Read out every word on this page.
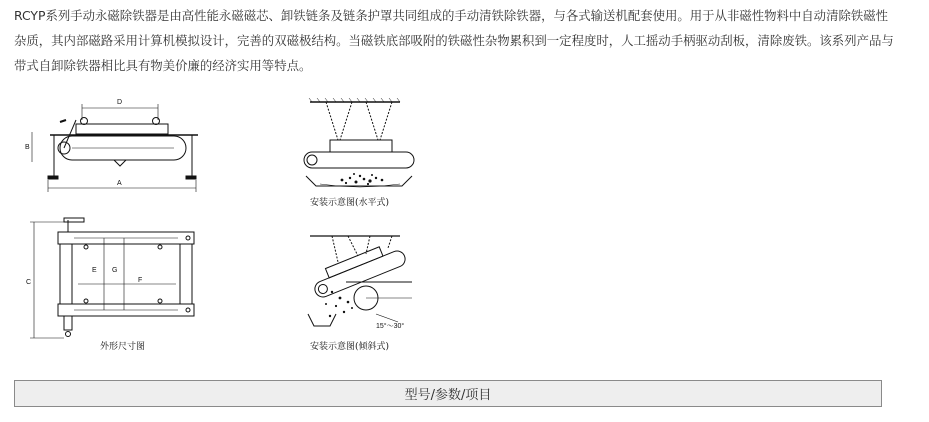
RCYP系列手动永磁除铁器是由高性能永磁磁芯、卸铁链条及链条护罩共同组成的手动清铁除铁器，与各式输送机配套使用。用于从非磁性物料中自动清除铁磁性杂质，其内部磁路采用计算机模拟设计，完善的双磁极结构。当磁铁底部吸附的铁磁性杂物累积到一定程度时，人工摇动手柄驱动刮板，清除废铁。该系列产品与带式自卸除铁器相比具有物美价廉的经济实用等特点。

D
B
A
C
E G
F
外形尺寸图
安装示意图(水平式)
15°～30°
安装示意图(倾斜式)
型号/参数/项目
